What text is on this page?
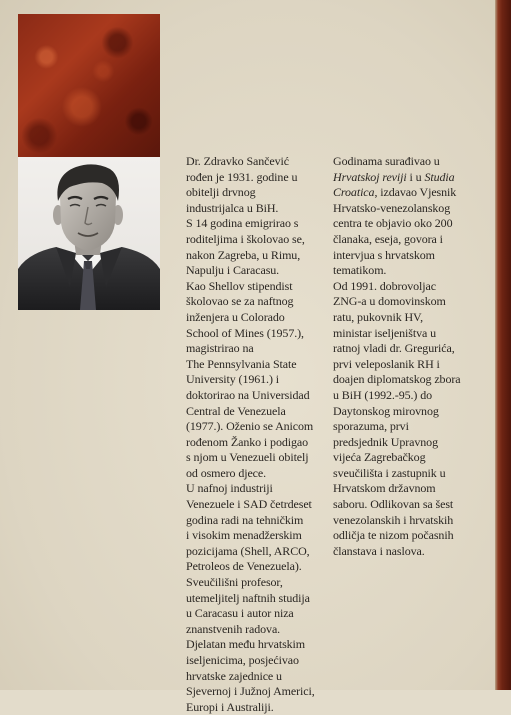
Dr. Zdravko Sančević
rođen je 1931. godine u
obitelji drvnog
industrijalca u BiH.
S 14 godina emigrirao s
roditeljima i školovao se,
nakon Zagreba, u Rimu,
Napulju i Caracasu.
Kao Shellov stipendist
školovao se za naftnog
inženjera u Colorado
School of Mines (1957.),
magistrirao na
The Pennsylvania State
University (1961.) i
doktorirao na Universidad
Central de Venezuela
(1977.). Oženio se Anicom
rođenom Žanko i podigao
s njom u Venezueli obitelj
od osmero djece.
U nafnoj industriji
Venezuele i SAD četrdeset
godina radi na tehničkim
i visokim menadžerskim
pozicijama (Shell, ARCO,
Petroleos de Venezuela).
Sveučilišni profesor,
utemeljitelj naftnih studija
u Caracasu i autor niza
znanstvenih radova.
Djelatan među hrvatskim
iseljenicima, posjećivao
hrvatske zajednice u
Sjevernoj i Južnoj Americi,
Europi i Australiji.
Godinama surađivao u
Hrvatskoj reviji i u Studia
Croatica, izdavao Vjesnik
Hrvatsko-venezolanskog
centra te objavio oko 200
članaka, eseja, govora i
intervjua s hrvatskom
tematikom.
Od 1991. dobrovoljac
ZNG-a u domovinskom
ratu, pukovnik HV,
ministar iseljeništva u
ratnoj vladi dr. Gregurića,
prvi veleposlanik RH i
doajen diplomatskog zbora
u BiH (1992.-95.) do
Daytonskog mirovnog
sporazuma, prvi
predsjednik Upravnog
vijeća Zagrebačkog
sveučilišta i zastupnik u
Hrvatskom državnom
saboru. Odlikovan sa šest
venezolanskih i hrvatskih
odličja te nizom počasnih
članstava i naslova.
